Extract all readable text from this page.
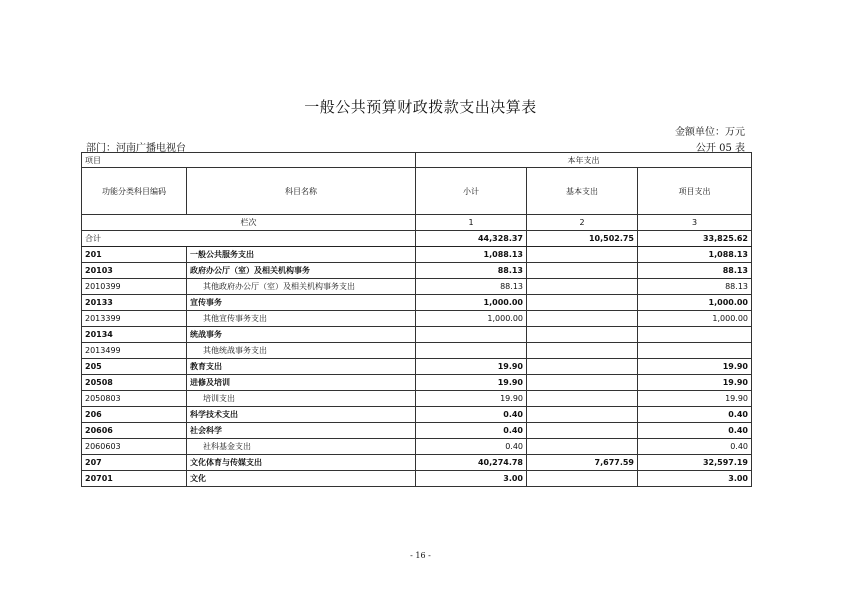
一般公共预算财政拨款支出决算表
金额单位：万元
部门：河南广播电视台	公开 05 表
项目		本年支出		
功能分类科目编码	科目名称	小计	基本支出	项目支出
栏次		1	2	3
合计		44,328.37	10,502.75	33,825.62
201	一般公共服务支出	1,088.13		1,088.13
20103	政府办公厅（室）及相关机构事务	88.13		88.13
2010399	其他政府办公厅（室）及相关机构事务支出	88.13		88.13
20133	宣传事务	1,000.00		1,000.00
2013399	其他宣传事务支出	1,000.00		1,000.00
20134	统战事务			
2013499	其他统战事务支出			
205	教育支出	19.90		19.90
20508	进修及培训	19.90		19.90
2050803	培训支出	19.90		19.90
206	科学技术支出	0.40		0.40
20606	社会科学	0.40		0.40
2060603	社科基金支出	0.40		0.40
207	文化体育与传媒支出	40,274.78	7,677.59	32,597.19
20701	文化	3.00		3.00
- 16 -
